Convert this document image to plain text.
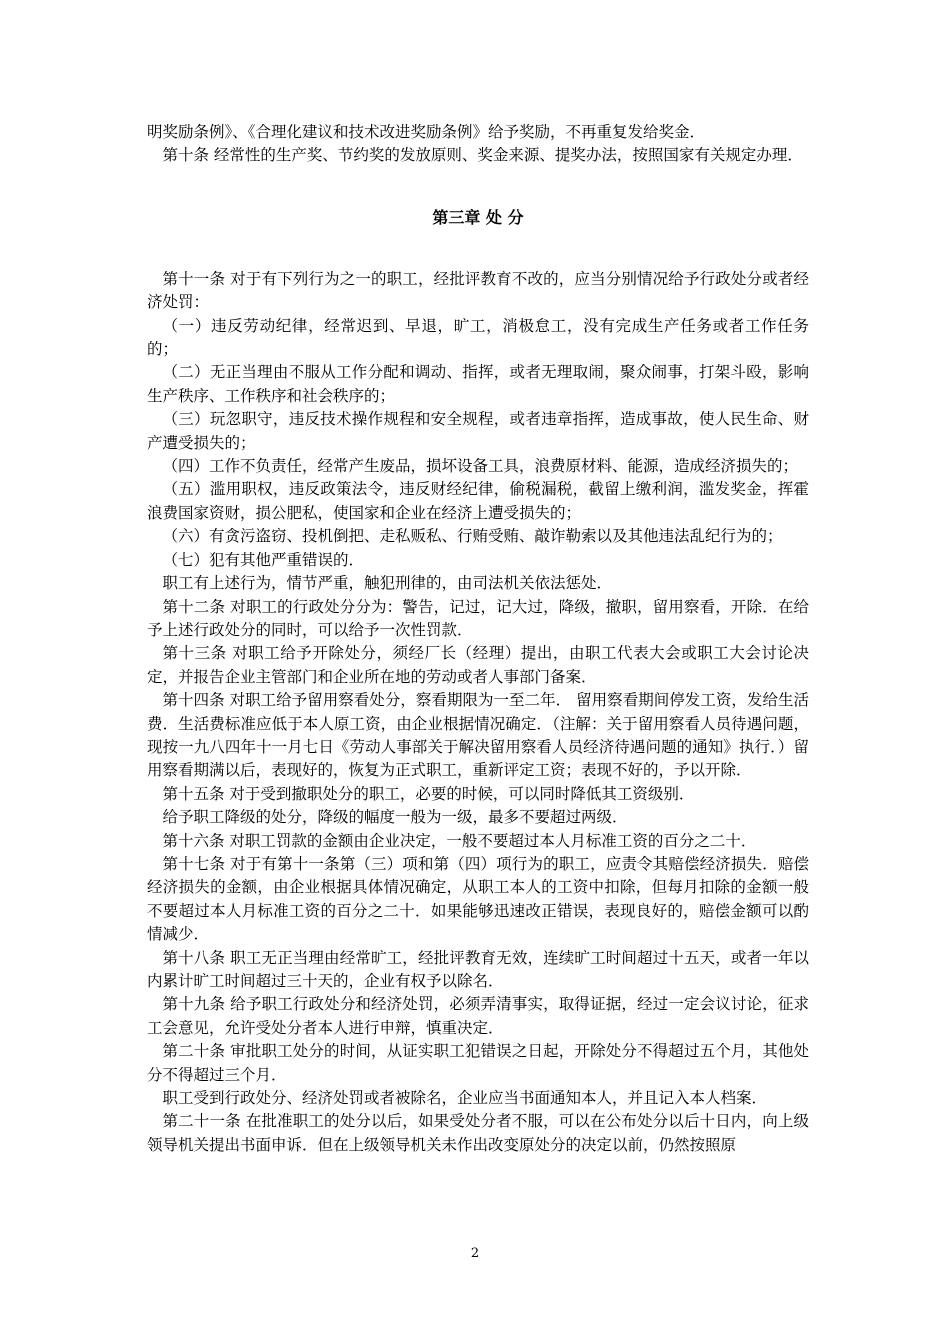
明奖励条例》、《合理化建议和技术改进奖励条例》给予奖励，不再重复发给奖金．

第十条 经常性的生产奖、节约奖的发放原则、奖金来源、提奖办法，按照国家有关规定办理．

第三章 处 分

第十一条 对于有下列行为之一的职工，经批评教育不改的，应当分别情况给予行政处分或者经济处罚：

（一）违反劳动纪律，经常迟到、早退，旷工，消极怠工，没有完成生产任务或者工作任务的；

（二）无正当理由不服从工作分配和调动、指挥，或者无理取闹，聚众闹事，打架斗殴，影响生产秩序、工作秩序和社会秩序的；

（三）玩忽职守，违反技术操作规程和安全规程，或者违章指挥，造成事故，使人民生命、财产遭受损失的；

（四）工作不负责任，经常产生废品，损坏设备工具，浪费原材料、能源，造成经济损失的；

（五）滥用职权，违反政策法令，违反财经纪律，偷税漏税，截留上缴利润，滥发奖金，挥霍浪费国家资财，损公肥私，使国家和企业在经济上遭受损失的；

（六）有贪污盗窃、投机倒把、走私贩私、行贿受贿、敲诈勒索以及其他违法乱纪行为的；

（七）犯有其他严重错误的．

职工有上述行为，情节严重，触犯刑律的，由司法机关依法惩处．

第十二条 对职工的行政处分分为：警告，记过，记大过，降级，撤职，留用察看，开除．在给予上述行政处分的同时，可以给予一次性罚款．

第十三条 对职工给予开除处分，须经厂长（经理）提出，由职工代表大会或职工大会讨论决定，并报告企业主管部门和企业所在地的劳动或者人事部门备案．

第十四条 对职工给予留用察看处分，察看期限为一至二年． 留用察看期间停发工资，发给生活费．生活费标准应低于本人原工资，由企业根据情况确定．（注解：关于留用察看人员待遇问题，现按一九八四年十一月七日《劳动人事部关于解决留用察看人员经济待遇问题的通知》执行．）留用察看期满以后，表现好的，恢复为正式职工，重新评定工资；表现不好的，予以开除．

第十五条 对于受到撤职处分的职工，必要的时候，可以同时降低其工资级别．

给予职工降级的处分，降级的幅度一般为一级，最多不要超过两级．

第十六条 对职工罚款的金额由企业决定，一般不要超过本人月标准工资的百分之二十．

第十七条 对于有第十一条第（三）项和第（四）项行为的职工，应责令其赔偿经济损失．赔偿经济损失的金额，由企业根据具体情况确定，从职工本人的工资中扣除，但每月扣除的金额一般不要超过本人月标准工资的百分之二十．如果能够迅速改正错误，表现良好的，赔偿金额可以酌情减少．

第十八条 职工无正当理由经常旷工，经批评教育无效，连续旷工时间超过十五天，或者一年以内累计旷工时间超过三十天的，企业有权予以除名．

第十九条 给予职工行政处分和经济处罚，必须弄清事实，取得证据，经过一定会议讨论，征求工会意见，允许受处分者本人进行申辩，慎重决定．

第二十条 审批职工处分的时间，从证实职工犯错误之日起，开除处分不得超过五个月，其他处分不得超过三个月．

职工受到行政处分、经济处罚或者被除名，企业应当书面通知本人，并且记入本人档案．

第二十一条 在批准职工的处分以后，如果受处分者不服，可以在公布处分以后十日内，向上级领导机关提出书面申诉．但在上级领导机关未作出改变原处分的决定以前，仍然按照原

2
